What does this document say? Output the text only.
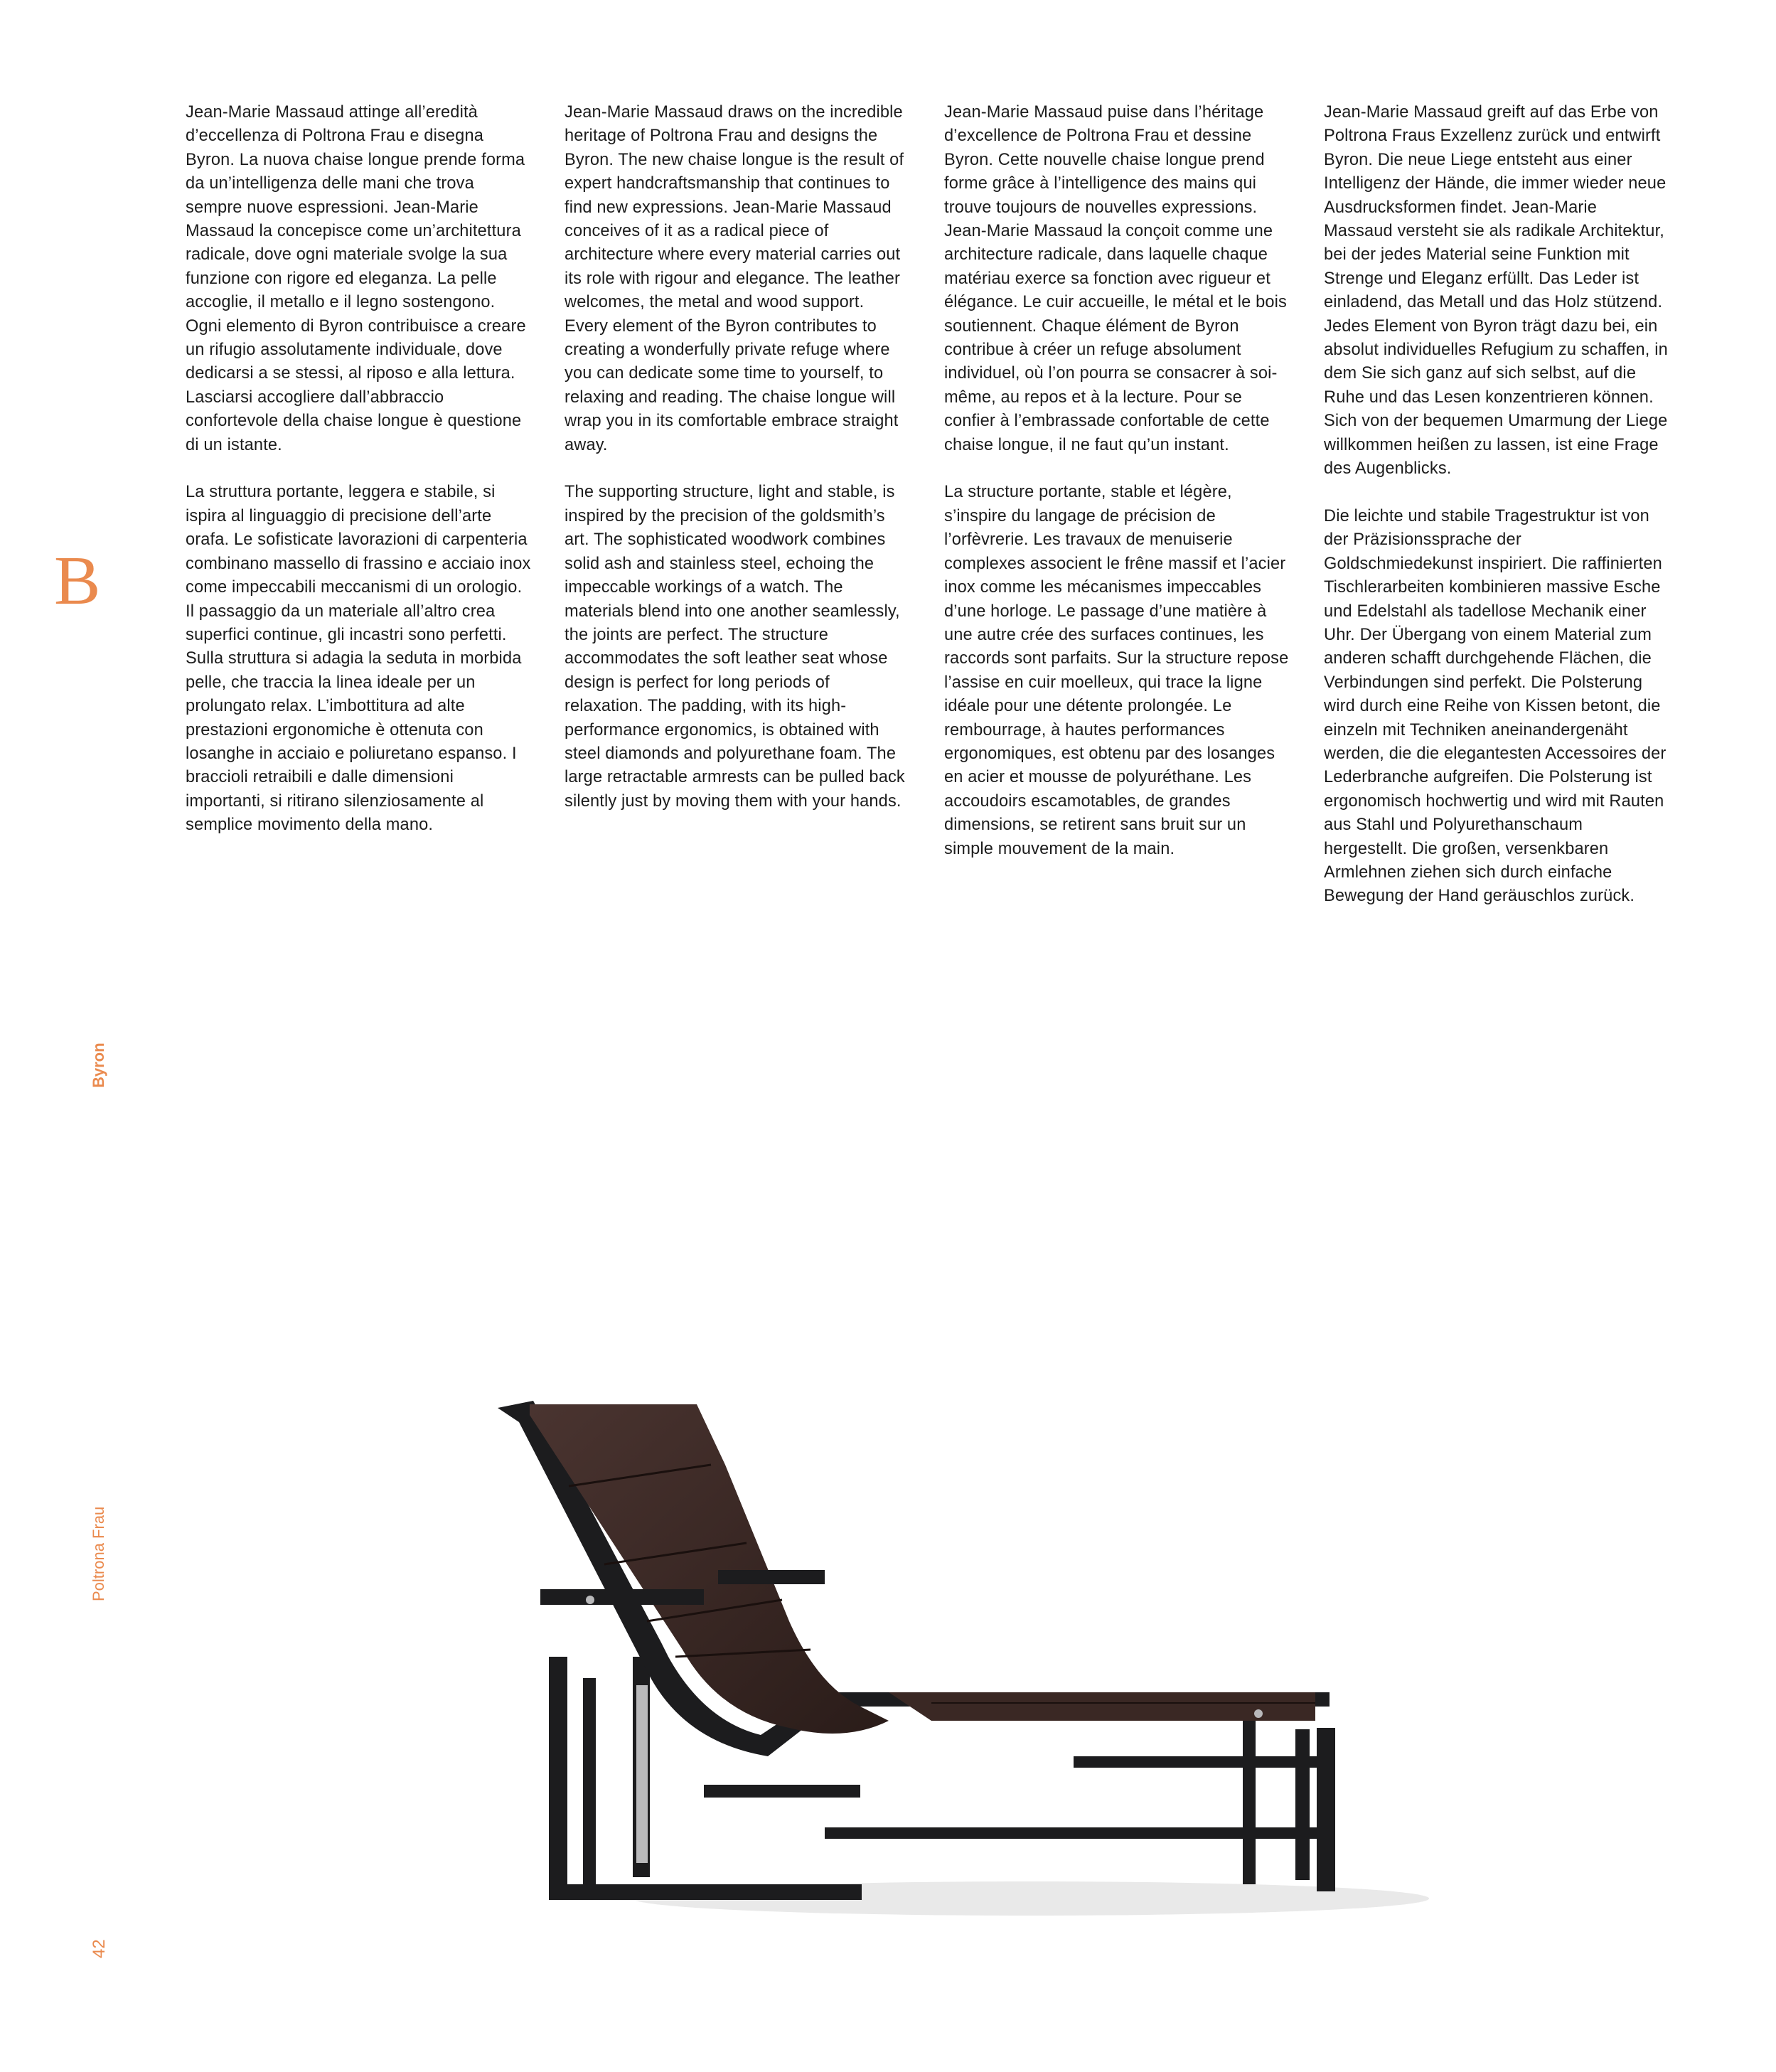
B

Jean-Marie Massaud attinge all’eredità d’eccellenza di Poltrona Frau e disegna Byron. La nuova chaise longue prende forma da un’intelligenza delle mani che trova sempre nuove espressioni. Jean-Marie Massaud la concepisce come un’architettura radicale, dove ogni materiale svolge la sua funzione con rigore ed eleganza. La pelle accoglie, il metallo e il legno sostengono. Ogni elemento di Byron contribuisce a creare un rifugio assolutamente individuale, dove dedicarsi a se stessi, al riposo e alla lettura. Lasciarsi accogliere dall’abbraccio confortevole della chaise longue è questione di un istante.

La struttura portante, leggera e stabile, si ispira al linguaggio di precisione dell’arte orafa. Le sofisticate lavorazioni di carpenteria combinano massello di frassino e acciaio inox come impeccabili meccanismi di un orologio. Il passaggio da un materiale all’altro crea superfici continue, gli incastri sono perfetti. Sulla struttura si adagia la seduta in morbida pelle, che traccia la linea ideale per un prolungato relax. L’imbottitura ad alte prestazioni ergonomiche è ottenuta con losanghe in acciaio e poliuretano espanso. I braccioli retraibili e dalle dimensioni importanti, si ritirano silenziosamente al semplice movimento della mano.

Jean-Marie Massaud draws on the incredible heritage of Poltrona Frau and designs the Byron. The new chaise longue is the result of expert handcraftsmanship that continues to find new expressions. Jean-Marie Massaud conceives of it as a radical piece of architecture where every material carries out its role with rigour and elegance. The leather welcomes, the metal and wood support. Every element of the Byron contributes to creating a wonderfully private refuge where you can dedicate some time to yourself, to relaxing and reading. The chaise longue will wrap you in its comfortable embrace straight away.

The supporting structure, light and stable, is inspired by the precision of the goldsmith’s art. The sophisticated woodwork combines solid ash and stainless steel, echoing the impeccable workings of a watch. The materials blend into one another seamlessly, the joints are perfect. The structure accommodates the soft leather seat whose design is perfect for long periods of relaxation. The padding, with its high-performance ergonomics, is obtained with steel diamonds and polyurethane foam. The large retractable armrests can be pulled back silently just by moving them with your hands.

Jean-Marie Massaud puise dans l’héritage d’excellence de Poltrona Frau et dessine Byron. Cette nouvelle chaise longue prend forme grâce à l’intelligence des mains qui trouve toujours de nouvelles expressions. Jean-Marie Massaud la conçoit comme une architecture radicale, dans laquelle chaque matériau exerce sa fonction avec rigueur et élégance. Le cuir accueille, le métal et le bois soutiennent. Chaque élément de Byron contribue à créer un refuge absolument individuel, où l’on pourra se consacrer à soi-même, au repos et à la lecture. Pour se confier à l’embrassade confortable de cette chaise longue, il ne faut qu’un instant.

La structure portante, stable et légère, s’inspire du langage de précision de l’orfèvrerie. Les travaux de menuiserie complexes associent le frêne massif et l’acier inox comme les mécanismes impeccables d’une horloge. Le passage d’une matière à une autre crée des surfaces continues, les raccords sont parfaits. Sur la structure repose l’assise en cuir moelleux, qui trace la ligne idéale pour une détente prolongée. Le rembourrage, à hautes performances ergonomiques, est obtenu par des losanges en acier et mousse de polyuréthane. Les accoudoirs escamotables, de grandes dimensions, se retirent sans bruit sur un simple mouvement de la main.

Jean-Marie Massaud greift auf das Erbe von Poltrona Fraus Exzellenz zurück und entwirft Byron. Die neue Liege entsteht aus einer Intelligenz der Hände, die immer wieder neue Ausdrucksformen findet. Jean-Marie Massaud versteht sie als radikale Architektur, bei der jedes Material seine Funktion mit Strenge und Eleganz erfüllt. Das Leder ist einladend, das Metall und das Holz stützend. Jedes Element von Byron trägt dazu bei, ein absolut individuelles Refugium zu schaffen, in dem Sie sich ganz auf sich selbst, auf die Ruhe und das Lesen konzentrieren können. Sich von der bequemen Umarmung der Liege willkommen heißen zu lassen, ist eine Frage des Augenblicks.

Die leichte und stabile Tragestruktur ist von der Präzisionssprache der Goldschmiedekunst inspiriert. Die raffinierten Tischlerarbeiten kombinieren massive Esche und Edelstahl als tadellose Mechanik einer Uhr. Der Übergang von einem Material zum anderen schafft durchgehende Flächen, die Verbindungen sind perfekt. Die Polsterung wird durch eine Reihe von Kissen betont, die einzeln mit Techniken aneinandergenäht werden, die die elegantesten Accessoires der Lederbranche aufgreifen. Die Polsterung ist ergonomisch hochwertig und wird mit Rauten aus Stahl und Polyurethanschaum hergestellt. Die großen, versenkbaren Armlehnen ziehen sich durch einfache Bewegung der Hand geräuschlos zurück.

Byron
Poltrona Frau
42
